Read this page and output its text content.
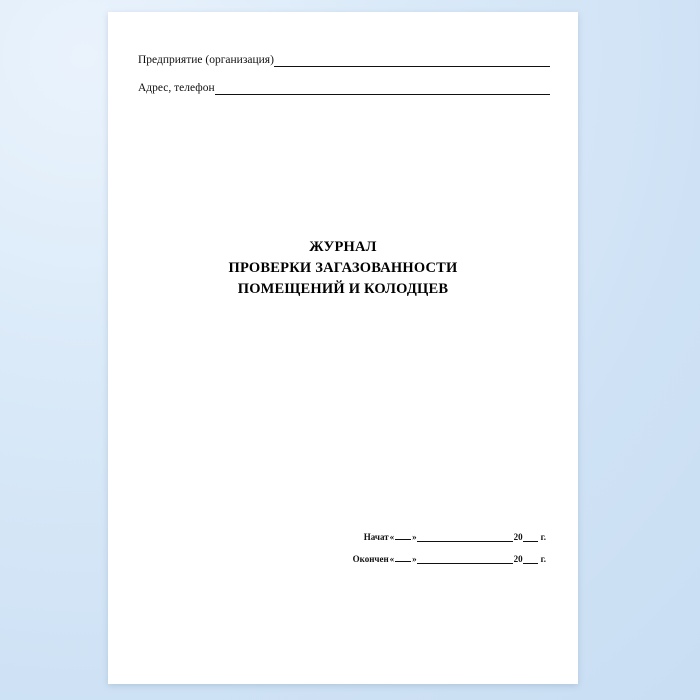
Предприятие (организация)
Адрес, телефон
ЖУРНАЛ
ПРОВЕРКИ ЗАГАЗОВАННОСТИ
ПОМЕЩЕНИЙ И КОЛОДЦЕВ
Начат « »	20	г.
Окончен « »	20	г.
